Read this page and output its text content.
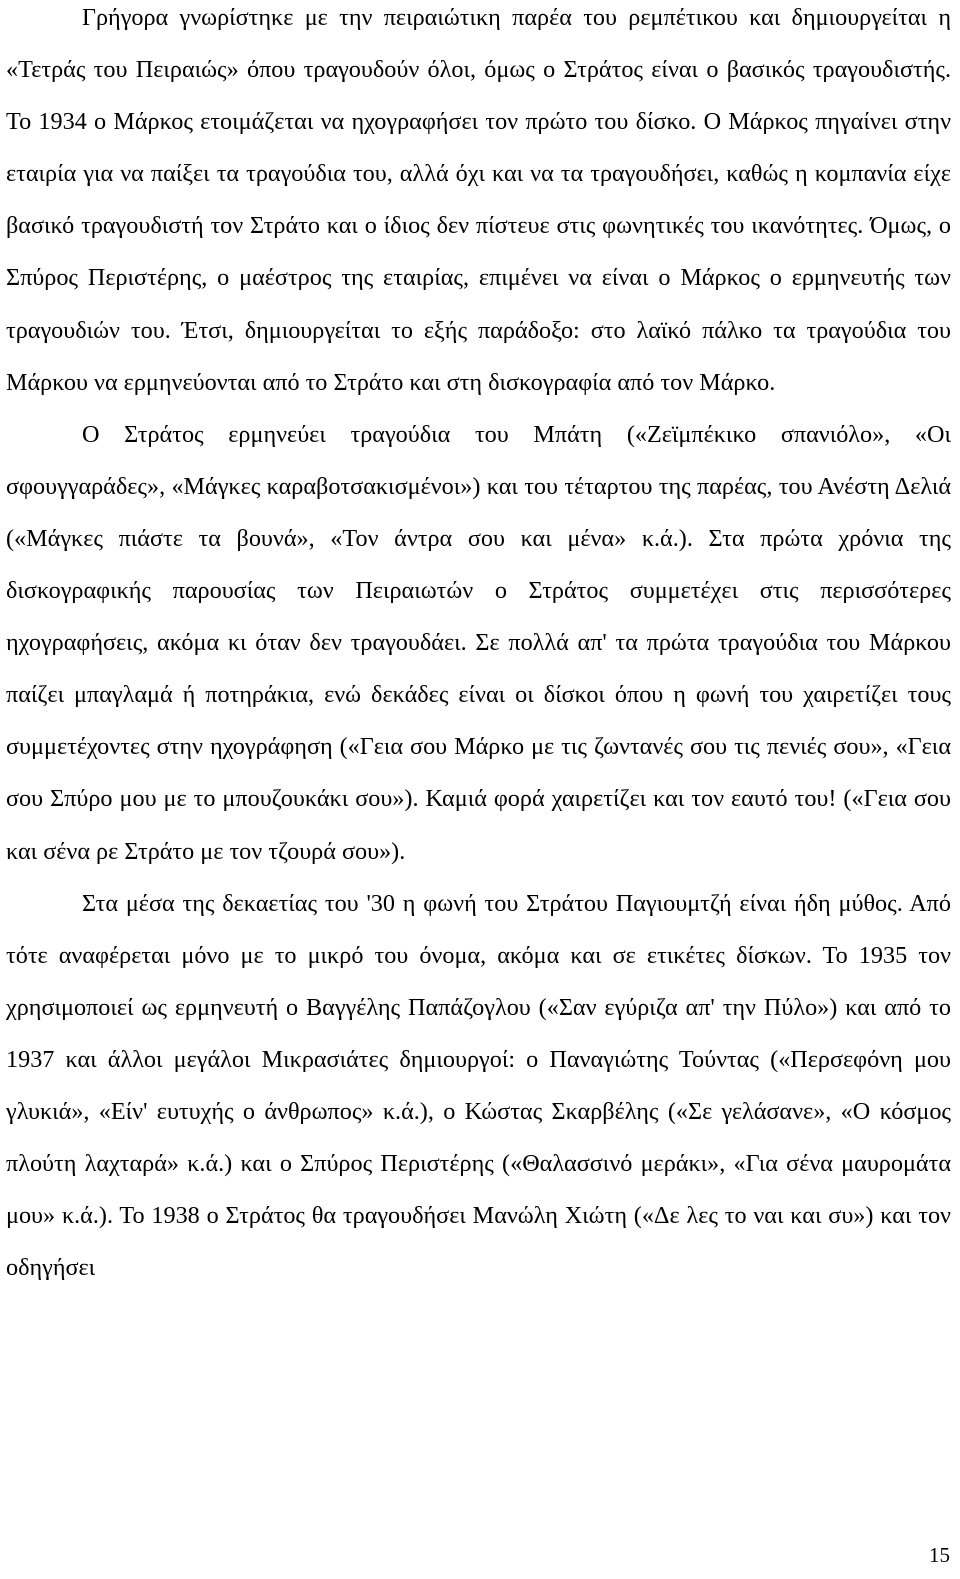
Γρήγορα γνωρίστηκε με την πειραιώτικη παρέα του ρεμπέτικου και δημιουργείται η «Τετράς του Πειραιώς» όπου τραγουδούν όλοι, όμως ο Στράτος είναι ο βασικός τραγουδιστής. Το 1934 ο Μάρκος ετοιμάζεται να ηχογραφήσει τον πρώτο του δίσκο. Ο Μάρκος πηγαίνει στην εταιρία για να παίξει τα τραγούδια του, αλλά όχι και να τα τραγουδήσει, καθώς η κομπανία είχε βασικό τραγουδιστή τον Στράτο και ο ίδιος δεν πίστευε στις φωνητικές του ικανότητες. Όμως, ο Σπύρος Περιστέρης, ο μαέστρος της εταιρίας, επιμένει να είναι ο Μάρκος ο ερμηνευτής των τραγουδιών του. Έτσι, δημιουργείται το εξής παράδοξο: στο λαϊκό πάλκο τα τραγούδια του Μάρκου να ερμηνεύονται από το Στράτο και στη δισκογραφία από τον Μάρκο.

Ο Στράτος ερμηνεύει τραγούδια του Μπάτη («Ζεϊμπέκικο σπανιόλο», «Οι σφουγγαράδες», «Μάγκες καραβοτσακισμένοι») και του τέταρτου της παρέας, του Ανέστη Δελιά («Μάγκες πιάστε τα βουνά», «Τον άντρα σου και μένα» κ.ά.). Στα πρώτα χρόνια της δισκογραφικής παρουσίας των Πειραιωτών ο Στράτος συμμετέχει στις περισσότερες ηχογραφήσεις, ακόμα κι όταν δεν τραγουδάει. Σε πολλά απ' τα πρώτα τραγούδια του Μάρκου παίζει μπαγλαμά ή ποτηράκια, ενώ δεκάδες είναι οι δίσκοι όπου η φωνή του χαιρετίζει τους συμμετέχοντες στην ηχογράφηση («Γεια σου Μάρκο με τις ζωντανές σου τις πενιές σου», «Γεια σου Σπύρο μου με το μπουζουκάκι σου»). Καμιά φορά χαιρετίζει και τον εαυτό του! («Γεια σου και σένα ρε Στράτο με τον τζουρά σου»).

Στα μέσα της δεκαετίας του '30 η φωνή του Στράτου Παγιουμτζή είναι ήδη μύθος. Από τότε αναφέρεται μόνο με το μικρό του όνομα, ακόμα και σε ετικέτες δίσκων. Το 1935 τον χρησιμοποιεί ως ερμηνευτή ο Βαγγέλης Παπάζογλου («Σαν εγύριζα απ' την Πύλο») και από το 1937 και άλλοι μεγάλοι Μικρασιάτες δημιουργοί: ο Παναγιώτης Τούντας («Περσεφόνη μου γλυκιά», «Είν' ευτυχής ο άνθρωπος» κ.ά.), ο Κώστας Σκαρβέλης («Σε γελάσανε», «Ο κόσμος πλούτη λαχταρά» κ.ά.) και ο Σπύρος Περιστέρης («Θαλασσινό μεράκι», «Για σένα μαυρομάτα μου» κ.ά.). Το 1938 ο Στράτος θα τραγουδήσει Μανώλη Χιώτη («Δε λες το ναι και συ») και τον οδηγήσει

15
